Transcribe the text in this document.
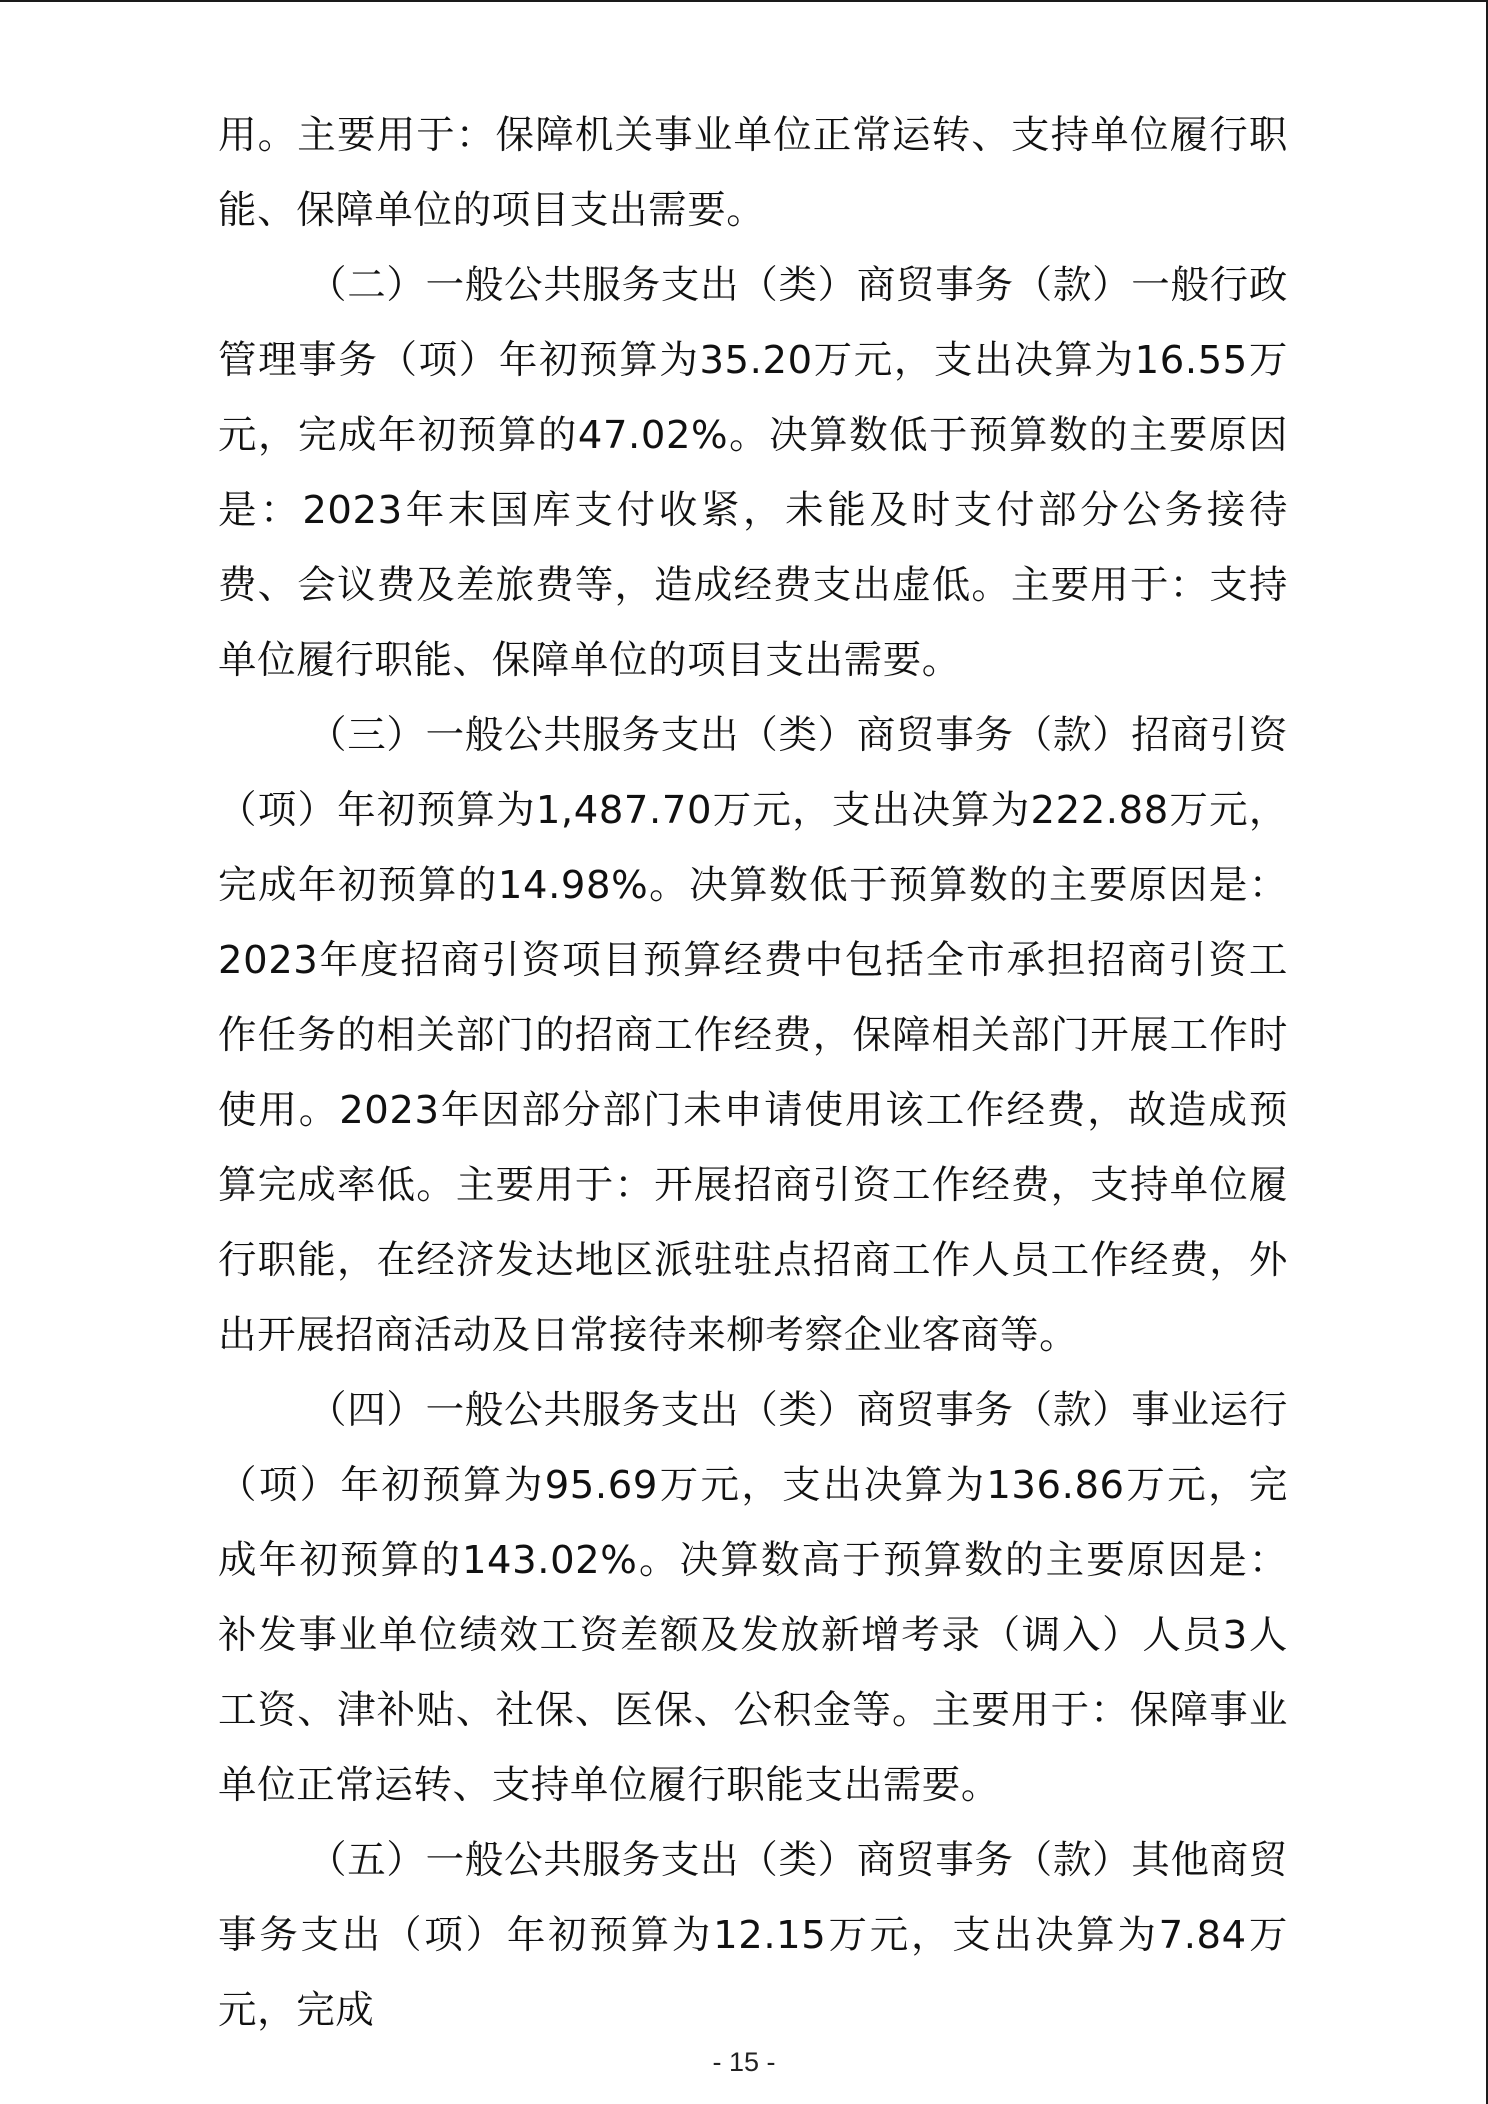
用。主要用于：保障机关事业单位正常运转、支持单位履行职能、保障单位的项目支出需要。

（二）一般公共服务支出（类）商贸事务（款）一般行政管理事务（项）年初预算为35.20万元，支出决算为16.55万元，完成年初预算的47.02%。决算数低于预算数的主要原因是：2023年末国库支付收紧，未能及时支付部分公务接待费、会议费及差旅费等，造成经费支出虚低。主要用于：支持单位履行职能、保障单位的项目支出需要。

（三）一般公共服务支出（类）商贸事务（款）招商引资（项）年初预算为1,487.70万元，支出决算为222.88万元，完成年初预算的14.98%。决算数低于预算数的主要原因是：2023年度招商引资项目预算经费中包括全市承担招商引资工作任务的相关部门的招商工作经费，保障相关部门开展工作时使用。2023年因部分部门未申请使用该工作经费，故造成预算完成率低。主要用于：开展招商引资工作经费，支持单位履行职能，在经济发达地区派驻驻点招商工作人员工作经费，外出开展招商活动及日常接待来柳考察企业客商等。

（四）一般公共服务支出（类）商贸事务（款）事业运行（项）年初预算为95.69万元，支出决算为136.86万元，完成年初预算的143.02%。决算数高于预算数的主要原因是：补发事业单位绩效工资差额及发放新增考录（调入）人员3人工资、津补贴、社保、医保、公积金等。主要用于：保障事业单位正常运转、支持单位履行职能支出需要。

（五）一般公共服务支出（类）商贸事务（款）其他商贸事务支出（项）年初预算为12.15万元，支出决算为7.84万元，完成

- 15 -
